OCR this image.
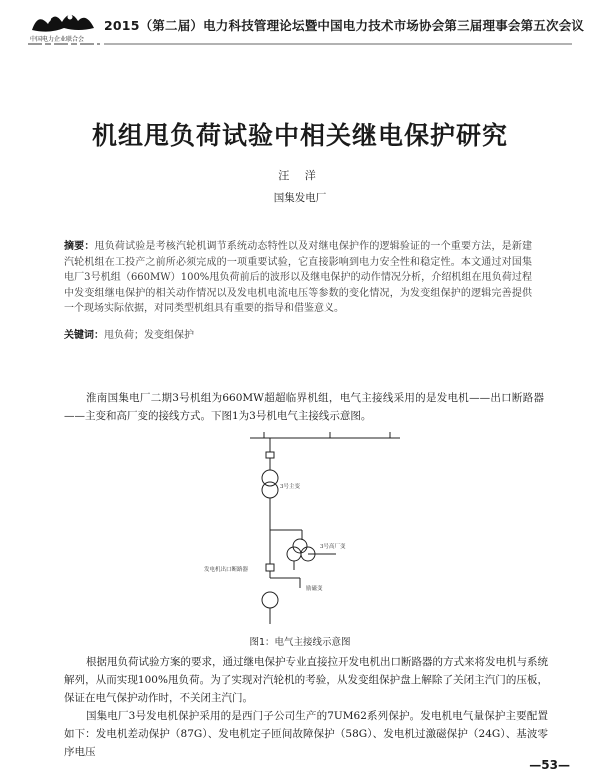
中国电力企业联合会
2015（第二届）电力科技管理论坛暨中国电力技术市场协会第三届理事会第五次会议
机组甩负荷试验中相关继电保护研究
汪 洋
国集发电厂
摘要：甩负荷试验是考核汽轮机调节系统动态特性以及对继电保护作的逻辑验证的一个重要方法，是新建汽轮机组在工投产之前所必须完成的一项重要试验，它直接影响到电力安全性和稳定性。本文通过对国集电厂3号机组（660MW）100%甩负荷前后的波形以及继电保护的动作情况分析，介绍机组在甩负荷过程中发变组继电保护的相关动作情况以及发电机电流电压等参数的变化情况，为发变组保护的逻辑完善提供一个现场实际依据，对同类型机组具有重要的指导和借鉴意义。
关键词：甩负荷；发变组保护
淮南国集电厂二期3号机组为660MW超超临界机组，电气主接线采用的是发电机——出口断路器——主变和高厂变的接线方式。下图1为3号机电气主接线示意图。
3号主变
3号高厂变
发电机出口断路器
励磁变
图1：电气主接线示意图
根据甩负荷试验方案的要求，通过继电保护专业直接拉开发电机出口断路器的方式来将发电机与系统解列，从而实现100%甩负荷。为了实现对汽轮机的考验，从发变组保护盘上解除了关闭主汽门的压板，保证在电气保护动作时，不关闭主汽门。
国集电厂3号发电机保护采用的是西门子公司生产的7UM62系列保护。发电机电气量保护主要配置如下：发电机差动保护（87G）、发电机定子匝间故障保护（58G）、发电机过激磁保护（24G）、基波零序电压
—53—
